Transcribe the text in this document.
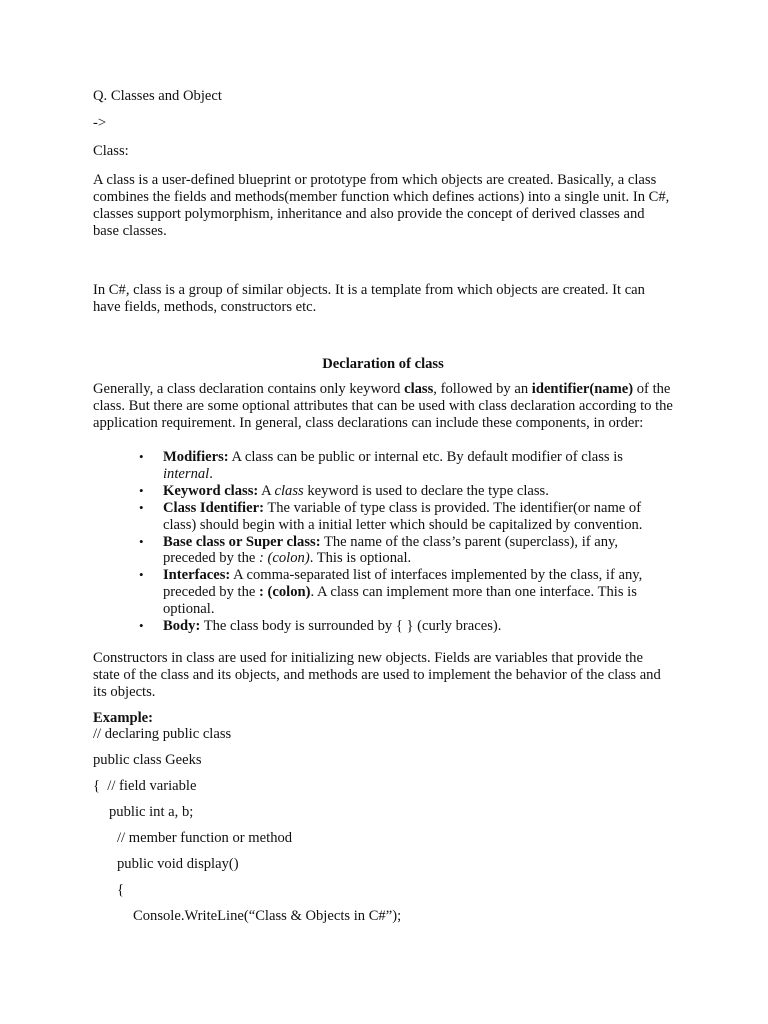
Q. Classes and Object
->
Class:
A class is a user-defined blueprint or prototype from which objects are created. Basically, a class combines the fields and methods(member function which defines actions) into a single unit. In C#, classes support polymorphism, inheritance and also provide the concept of derived classes and base classes.
In C#, class is a group of similar objects. It is a template from which objects are created. It can have fields, methods, constructors etc.
Declaration of class
Generally, a class declaration contains only keyword class, followed by an identifier(name) of the class. But there are some optional attributes that can be used with class declaration according to the application requirement. In general, class declarations can include these components, in order:
• Modifiers: A class can be public or internal etc. By default modifier of class is internal.
• Keyword class: A class keyword is used to declare the type class.
• Class Identifier: The variable of type class is provided. The identifier(or name of class) should begin with a initial letter which should be capitalized by convention.
• Base class or Super class: The name of the class’s parent (superclass), if any, preceded by the : (colon). This is optional.
• Interfaces: A comma-separated list of interfaces implemented by the class, if any, preceded by the : (colon). A class can implement more than one interface. This is optional.
• Body: The class body is surrounded by { } (curly braces).
Constructors in class are used for initializing new objects. Fields are variables that provide the state of the class and its objects, and methods are used to implement the behavior of the class and its objects.
Example:
// declaring public class
public class Geeks
{  // field variable
public int a, b;
// member function or method
public void display()
{
Console.WriteLine(“Class & Objects in C#”);
